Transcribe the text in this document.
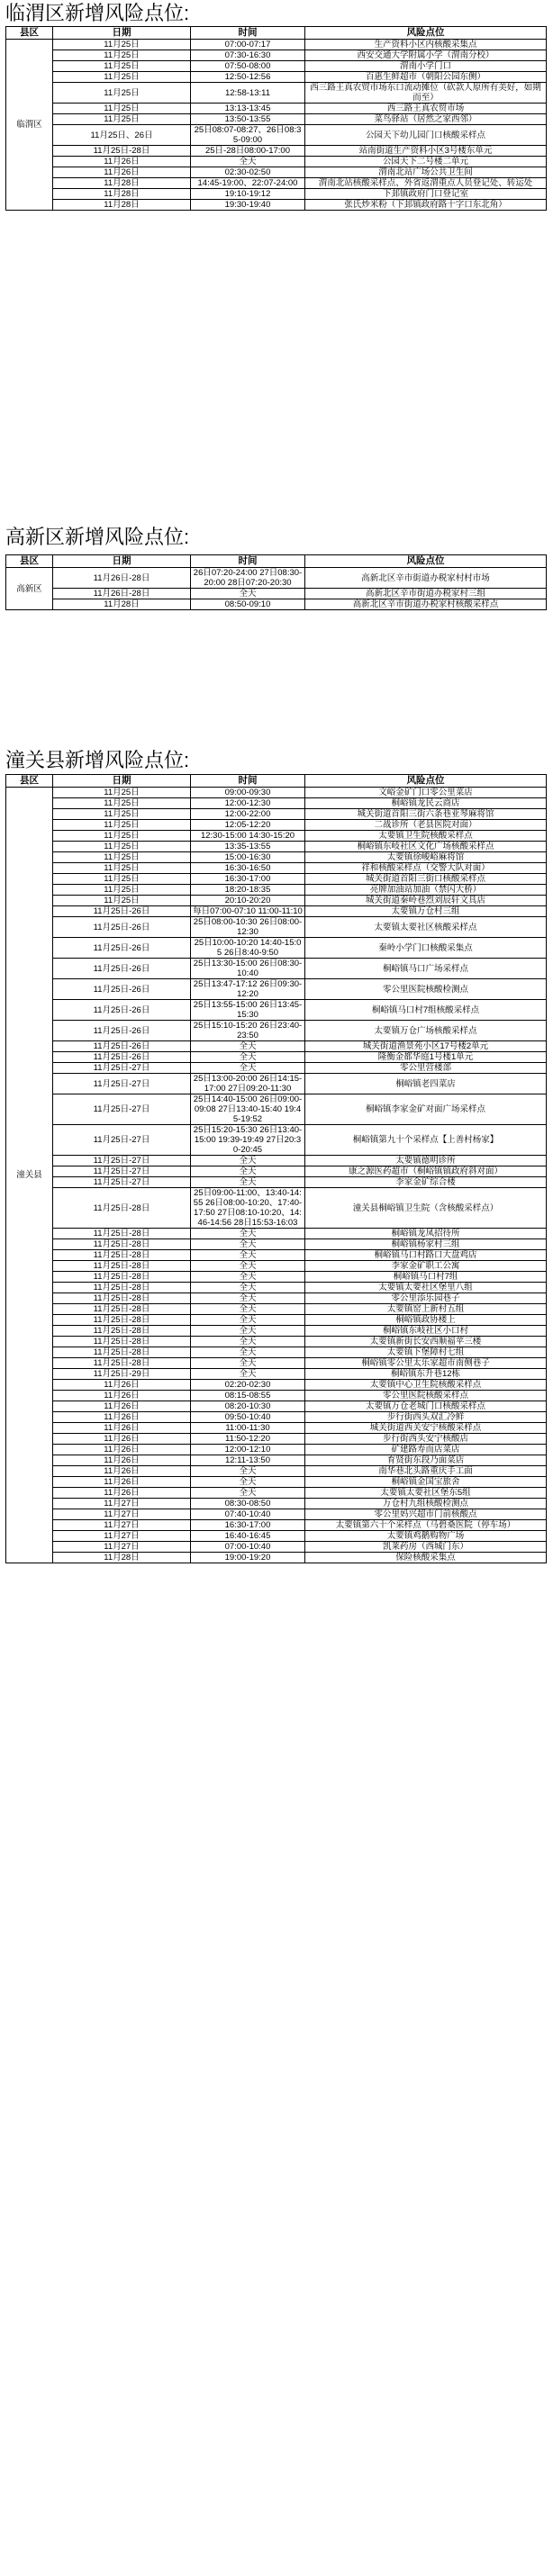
临渭区新增风险点位:
县区	日期	时间	风险点位
临渭区	11月25日	07:00-07:17	生产资料小区内核酸采集点
	11月25日	07:30-16:30	西安交通大学附属小学（渭南分校）
	11月25日	07:50-08:00	渭南小学门口
	11月25日	12:50-12:56	百惠生鲜超市（朝阳公园东侧）
	11月25日	12:58-13:11	西三路王真农贸市场东口流动摊位（砍款人原所有美好，如期而至）
	11月25日	13:13-13:45	西三路王真农贸市场
	11月25日	13:50-13:55	菜鸟驿站（居然之家西邻）
	11月25日、26日	25日08:07-08:27、26日08:35-09:00	公园天下幼儿园门口核酸采样点
	11月25日-28日	25日-28日08:00-17:00	站南街道生产资料小区3号楼东单元
	11月26日	全天	公园天下二号楼二单元
	11月26日	02:30-02:50	渭南北站广场公共卫生间
	11月28日	14:45-19:00、22:07-24:00	渭南北站核酸采样点、外省返渭重点人员登记处、转运处
	11月28日	19:10-19:12	下邽镇政府门口登记室
	11月28日	19:30-19:40	张氏炒米粉（下邽镇政府路十字口东北角）
高新区新增风险点位:
县区	日期	时间	风险点位
高新区	11月26日-28日	26日07:20-24:00 27日08:30-20:00 28日07:20-20:30	高新北区辛市街道办税家村村市场
	11月26日-28日	全天	高新北区辛市街道办税家村三组
	11月28日	08:50-09:10	高新北区辛市街道办税家村核酸采样点
潼关县新增风险点位:
县区	日期	时间	风险点位
潼关县	11月25日	09:00-09:30	文峪金矿门口零公里菜店
	11月25日	12:00-12:30	桐峪镇龙民云商店
	11月25日	12:00-22:00	城关街道首阳三街六条巷亚琴麻将馆
	11月25日	12:05-12:20	二战诊所（老县医院对面）
	11月25日	12:30-15:00 14:30-15:20	太要镇卫生院核酸采样点
	11月25日	13:35-13:55	桐峪镇东岐社区文化广场核酸采样点
	11月25日	15:00-16:30	太要镇徐峻峪麻将馆
	11月25日	16:30-16:50	祥和核酸采样点（交警大队对面）
	11月25日	16:30-17:00	城关街道首阳三街口核酸采样点
	11月25日	18:20-18:35	亮牌加油站加油（禁闪大桥）
	11月25日	20:10-20:20	城关街道秦岭巷烈刘辰轩文具店
	11月25日-26日	每日07:00-07:10 11:00-11:10	太要镇万仓村三组
	11月25日-26日	25日08:00-10:30 26日08:00-12:30	太要镇太要社区核酸采样点
	11月25日-26日	25日10:00-10:20 14:40-15:05 26日8:40-9:50	秦岭小学门口核酸采集点
	11月25日-26日	25日13:30-15:00 26日08:30-10:40	桐峪镇马口广场采样点
	11月25日-26日	25日13:47-17:12 26日09:30-12:20	零公里医院核酸检测点
	11月25日-26日	25日13:55-15:00 26日13:45-15:30	桐峪镇马口村7组核酸采样点
	11月25日-26日	25日15:10-15:20 26日23:40-23:50	太要镇万仓广场核酸采样点
	11月25日-26日	全天	城关街道渔景苑小区17号楼2单元
	11月25日-26日	全天	隆衡金都华庭1号楼1单元
	11月25日-27日	全天	零公里营楼部
	11月25日-27日	25日13:00-20:00 26日14:15-17:00 27日09:20-11:30	桐峪镇老四菜店
	11月25日-27日	25日14:40-15:00 26日09:00-09:08 27日13:40-15:40 19:45-19:52	桐峪镇李家金矿对面广场采样点
	11月25日-27日	25日15:20-15:30 26日13:40-15:00 19:39-19:49 27日20:30-20:45	桐峪镇第九十个采样点【上善村杨家】
	11月25日-27日	全天	太要镇德明诊所
	11月25日-27日	全天	康之源医药超市（桐峪镇镇政府斜对面）
	11月25日-27日	全天	李家金矿综合楼
	11月25日-28日	25日09:00-11:00、13:40-14:55 26日08:00-10:20、17:40-17:50 27日08:10-10:20、14:46-14:56 28日15:53-16:03	潼关县桐峪镇卫生院（含核酸采样点）
	11月25日-28日	全天	桐峪镇龙凤招待所
	11月25日-28日	全天	桐峪镇杨家村三组
	11月25日-28日	全天	桐峪镇马口村路口大盘鸡店
	11月25日-28日	全天	李家金矿职工公寓
	11月25日-28日	全天	桐峪镇马口村7组
	11月25日-28日	全天	太要镇太要社区堡里八组
	11月25日-28日	全天	零公里添乐园巷子
	11月25日-28日	全天	太要镇窑上新村五组
	11月25日-28日	全天	桐峪镇政协楼上
	11月25日-28日	全天	桐峪镇东岐社区小口村
	11月25日-28日	全天	太要镇新街长安西顺福苹三楼
	11月25日-28日	全天	太要镇下堡障村七组
	11月25日-28日	全天	桐峪镇零公里太乐家超市南侧巷子
	11月25日-29日	全天	桐峪镇东升巷12栋
	11月26日	02:20-02:30	太要镇中心卫生院核酸采样点
	11月26日	08:15-08:55	零公里医院核酸采样点
	11月26日	08:20-10:30	太要镇万仓老城门口核酸采样点
	11月26日	09:50-10:40	步行街西头双汇冷鲜
	11月26日	11:00-11:30	城关街道西关安宁核酸采样点
	11月26日	11:50-12:20	步行街西头安宁核酸店
	11月26日	12:00-12:10	矿建路寿而店菜店
	11月26日	12:11-13:50	育贤街东段乃面菜店
	11月26日	全天	南华巷北头路重庆手工面
	11月26日	全天	桐峪镇金国宝旅舍
	11月26日	全天	太要镇太要社区堡东5组
	11月27日	08:30-08:50	万仓村九组核酸检测点
	11月27日	07:40-10:40	零公里妈兴超市门前核酸点
	11月27日	16:30-17:00	太要镇第六十个采样点（马碧桑医院（停车场）
	11月27日	16:40-16:45	太要镇鸡鹅购物广场
	11月27日	07:00-10:40	凯莱药房（西城门东）
	11月28日	19:00-19:20	保险核酸采集点
